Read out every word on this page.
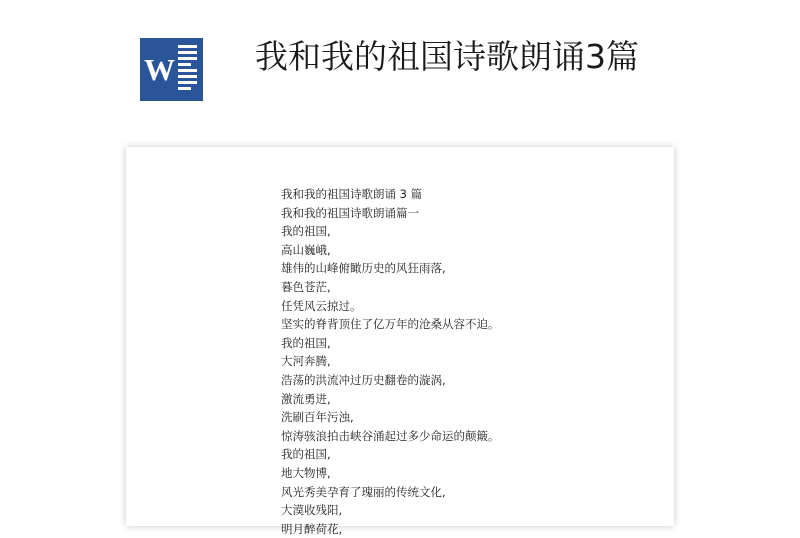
W 我和我的祖国诗歌朗诵3篇

我和我的祖国诗歌朗诵 3 篇

我和我的祖国诗歌朗诵篇一

我的祖国,

高山巍峨,

雄伟的山峰俯瞰历史的风狂雨落,

暮色苍茫,

任凭风云掠过。

坚实的脊背顶住了亿万年的沧桑从容不迫。

我的祖国,

大河奔腾,

浩荡的洪流冲过历史翻卷的漩涡,

激流勇进,

洗刷百年污浊,

惊涛骇浪拍击峡谷涌起过多少命运的颠簸。

我的祖国,

地大物博,

风光秀美孕育了瑰丽的传统文化,

大漠收残阳,

明月醉荷花,
